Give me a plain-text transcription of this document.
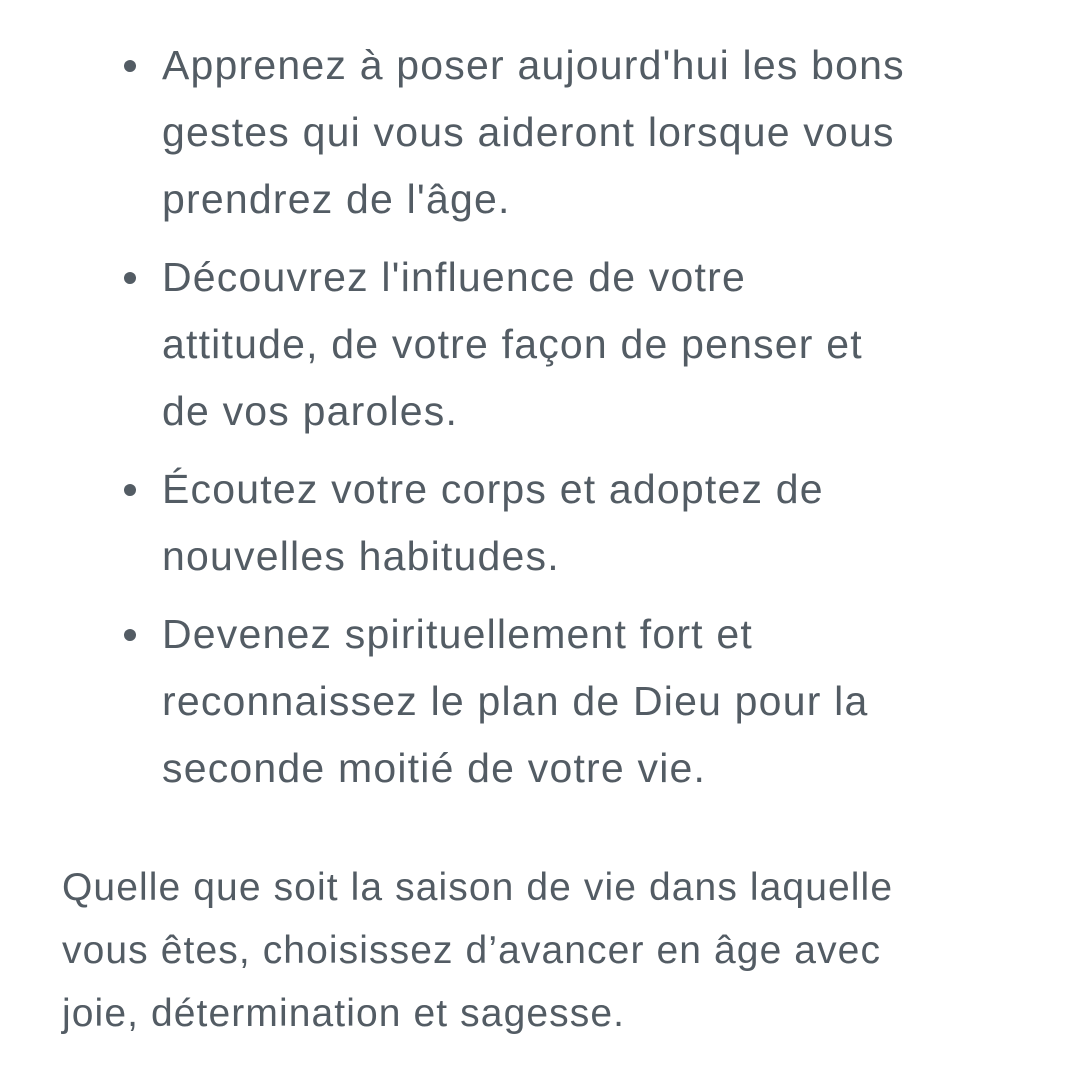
Apprenez à poser aujourd'hui les bons
gestes qui vous aideront lorsque vous
prendrez de l'âge.
Découvrez l'influence de votre
attitude, de votre façon de penser et
de vos paroles.
Écoutez votre corps et adoptez de
nouvelles habitudes.
Devenez spirituellement fort et
reconnaissez le plan de Dieu pour la
seconde moitié de votre vie.

Quelle que soit la saison de vie dans laquelle
vous êtes, choisissez d’avancer en âge avec
joie, détermination et sagesse.
